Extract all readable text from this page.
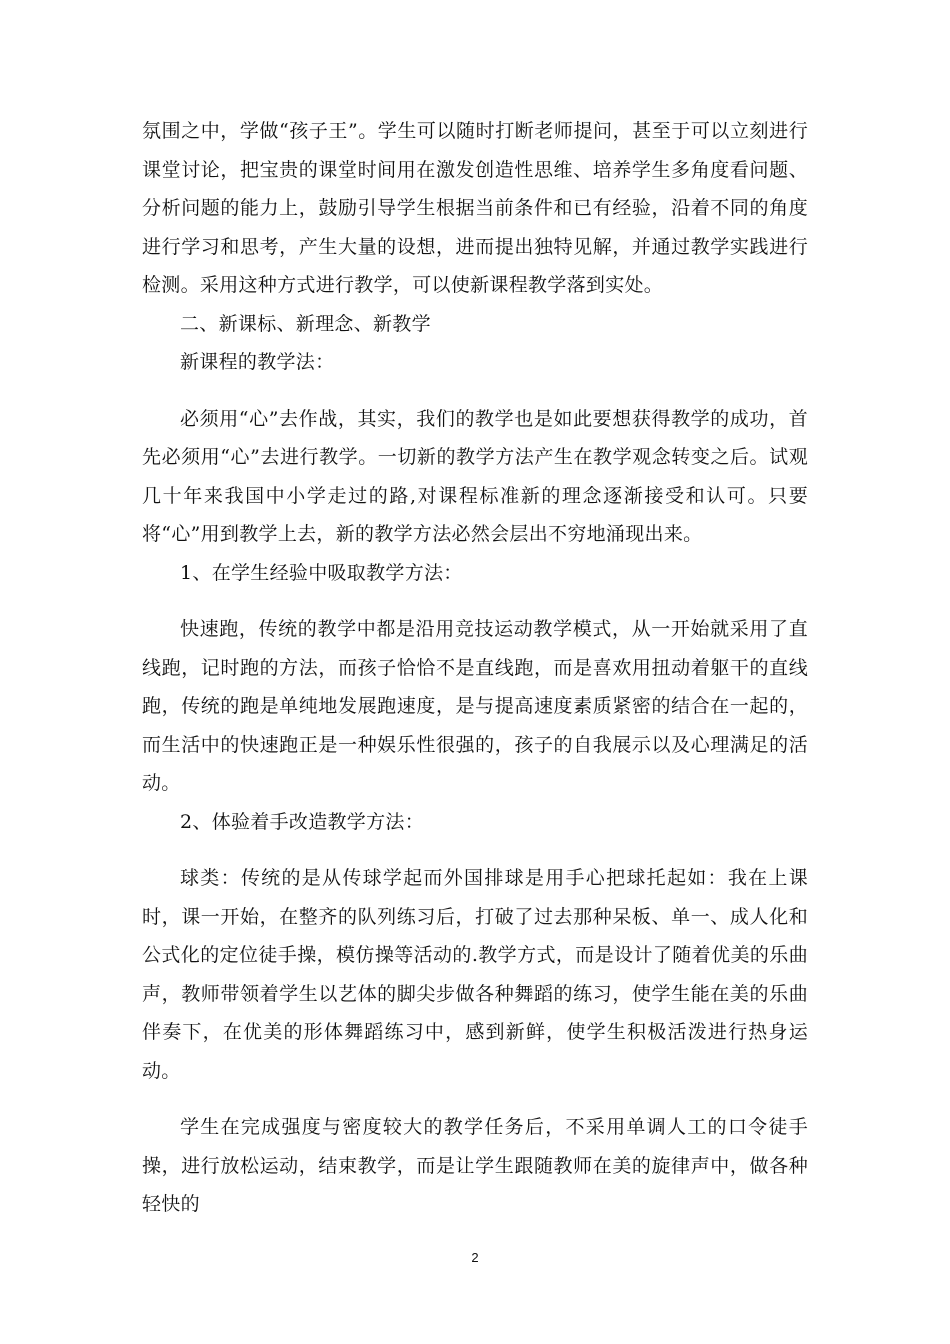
氛围之中，学做“孩子王”。学生可以随时打断老师提问，甚至于可以立刻进行课堂讨论，把宝贵的课堂时间用在激发创造性思维、培养学生多角度看问题、分析问题的能力上，鼓励引导学生根据当前条件和已有经验，沿着不同的角度进行学习和思考，产生大量的设想，进而提出独特见解，并通过教学实践进行检测。采用这种方式进行教学，可以使新课程教学落到实处。

二、新课标、新理念、新教学

新课程的教学法：

必须用“心”去作战，其实，我们的教学也是如此要想获得教学的成功，首先必须用“心”去进行教学。一切新的教学方法产生在教学观念转变之后。试观几十年来我国中小学走过的路,对课程标准新的理念逐渐接受和认可。只要将“心”用到教学上去，新的教学方法必然会层出不穷地涌现出来。

1、在学生经验中吸取教学方法：

快速跑，传统的教学中都是沿用竞技运动教学模式，从一开始就采用了直线跑，记时跑的方法，而孩子恰恰不是直线跑，而是喜欢用扭动着躯干的直线跑，传统的跑是单纯地发展跑速度，是与提高速度素质紧密的结合在一起的，而生活中的快速跑正是一种娱乐性很强的，孩子的自我展示以及心理满足的活动。

2、体验着手改造教学方法：

球类：传统的是从传球学起而外国排球是用手心把球托起如：我在上课时，课一开始，在整齐的队列练习后，打破了过去那种呆板、单一、成人化和公式化的定位徒手操，模仿操等活动的.教学方式，而是设计了随着优美的乐曲声，教师带领着学生以艺体的脚尖步做各种舞蹈的练习，使学生能在美的乐曲伴奏下，在优美的形体舞蹈练习中，感到新鲜，使学生积极活泼进行热身运动。

学生在完成强度与密度较大的教学任务后，不采用单调人工的口令徒手操，进行放松运动，结束教学，而是让学生跟随教师在美的旋律声中，做各种轻快的

2
